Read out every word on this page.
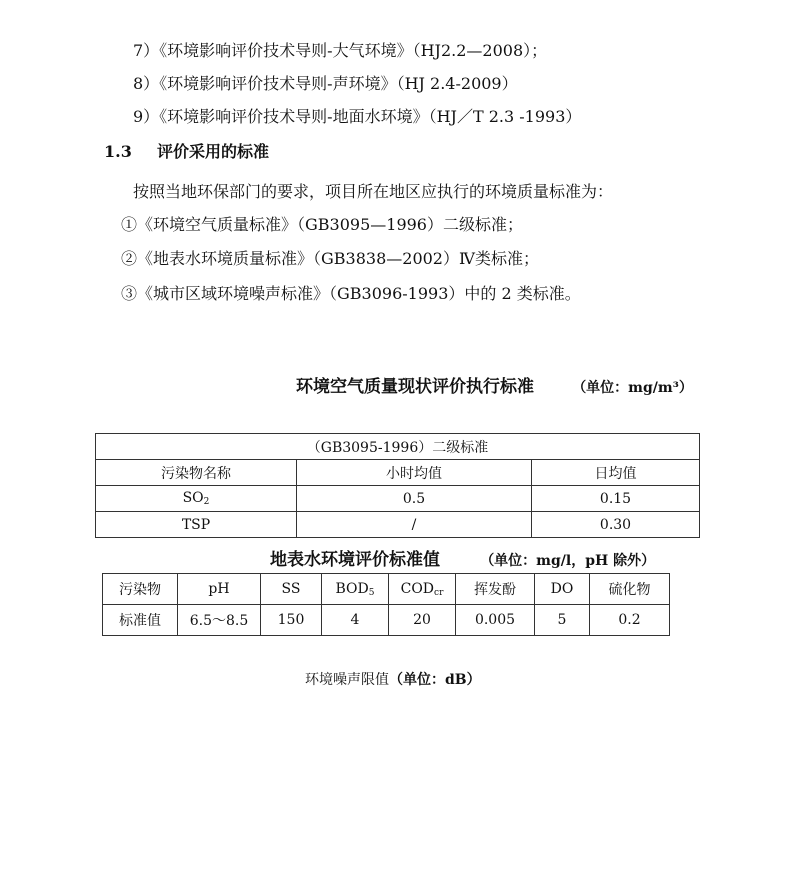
7）《环境影响评价技术导则-大气环境》（HJ2.2—2008）；
8）《环境影响评价技术导则-声环境》（HJ 2.4-2009）
9）《环境影响评价技术导则-地面水环境》（HJ／T 2.3 -1993）
1.3 评价采用的标准
按照当地环保部门的要求，项目所在地区应执行的环境质量标准为：
①《环境空气质量标准》（GB3095—1996）二级标准；
②《地表水环境质量标准》（GB3838—2002）Ⅳ类标准；
③《城市区域环境噪声标准》（GB3096-1993）中的 2 类标准。
环境空气质量现状评价执行标准	（单位：mg/m³）
（GB3095-1996）二级标准		
污染物名称	小时均值	日均值
$SO_2$	0.5	0.15
TSP	/	0.30
地表水环境评价标准值	（单位：mg/l，pH 除外）
污染物	pH	SS	$BOD_5$	$COD_{cr}$	挥发酚	DO	硫化物
标准值	6.5～8.5	150	4	20	0.005	5	0.2
环境噪声限值（单位：dB）
